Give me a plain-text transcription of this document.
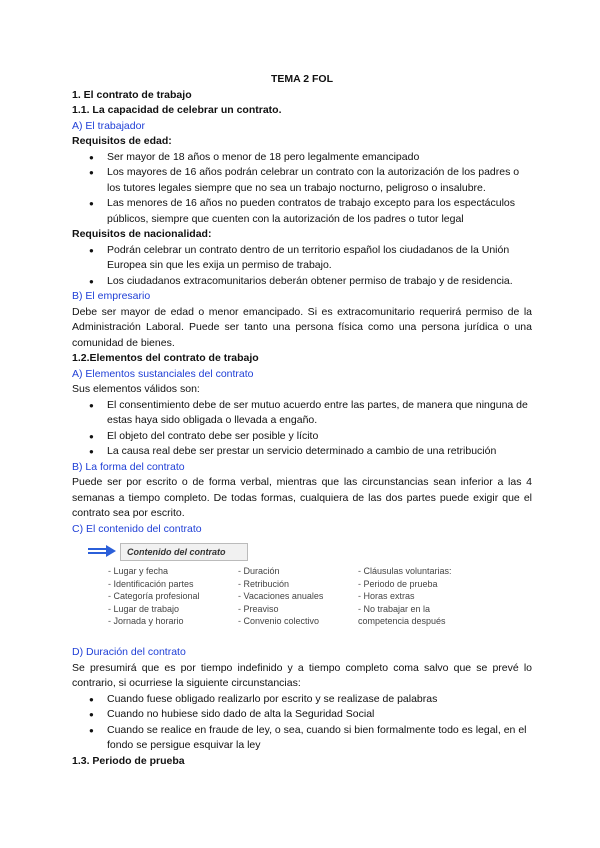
TEMA 2 FOL

1. El contrato de trabajo

1.1. La capacidad de celebrar un contrato.

A) El trabajador

Requisitos de edad:

● Ser mayor de 18 años o menor de 18 pero legalmente emancipado
● Los mayores de 16 años podrán celebrar un contrato con la autorización de los padres o los tutores legales siempre que no sea un trabajo nocturno, peligroso o insalubre.
● Las menores de 16 años no pueden contratos de trabajo excepto para los espectáculos públicos, siempre que cuenten con la autorización de los padres o tutor legal

Requisitos de nacionalidad:

● Podrán celebrar un contrato dentro de un territorio español los ciudadanos de la Unión Europea sin que les exija un permiso de trabajo.
● Los ciudadanos extracomunitarios deberán obtener permiso de trabajo y de residencia.

B) El empresario

Debe ser mayor de edad o menor emancipado. Si es extracomunitario requerirá permiso de la Administración Laboral. Puede ser tanto una persona física como una persona jurídica o una comunidad de bienes.

1.2.Elementos del contrato de trabajo

A) Elementos sustanciales del contrato

Sus elementos válidos son:

● El consentimiento debe de ser mutuo acuerdo entre las partes, de manera que ninguna de estas haya sido obligada o llevada a engaño.
● El objeto del contrato debe ser posible y lícito
● La causa real debe ser prestar un servicio determinado a cambio de una retribución

B) La forma del contrato

Puede ser por escrito o de forma verbal, mientras que las circunstancias sean inferior a las 4 semanas a tiempo completo. De todas formas, cualquiera de las dos partes puede exigir que el contrato sea por escrito.

C) El contenido del contrato

Contenido del contrato
- Lugar y fecha
- Identificación partes
- Categoría profesional
- Lugar de trabajo
- Jornada y horario
- Duración
- Retribución
- Vacaciones anuales
- Preaviso
- Convenio colectivo
- Cláusulas voluntarias:
- Periodo de prueba
- Horas extras
- No trabajar en la
competencia después

D) Duración del contrato

Se presumirá que es por tiempo indefinido y a tiempo completo coma salvo que se prevé lo contrario, si ocurriese la siguiente circunstancias:

● Cuando fuese obligado realizarlo por escrito y se realizase de palabras
● Cuando no hubiese sido dado de alta la Seguridad Social
● Cuando se realice en fraude de ley, o sea, cuando si bien formalmente todo es legal, en el fondo se persigue esquivar la ley

1.3. Periodo de prueba
